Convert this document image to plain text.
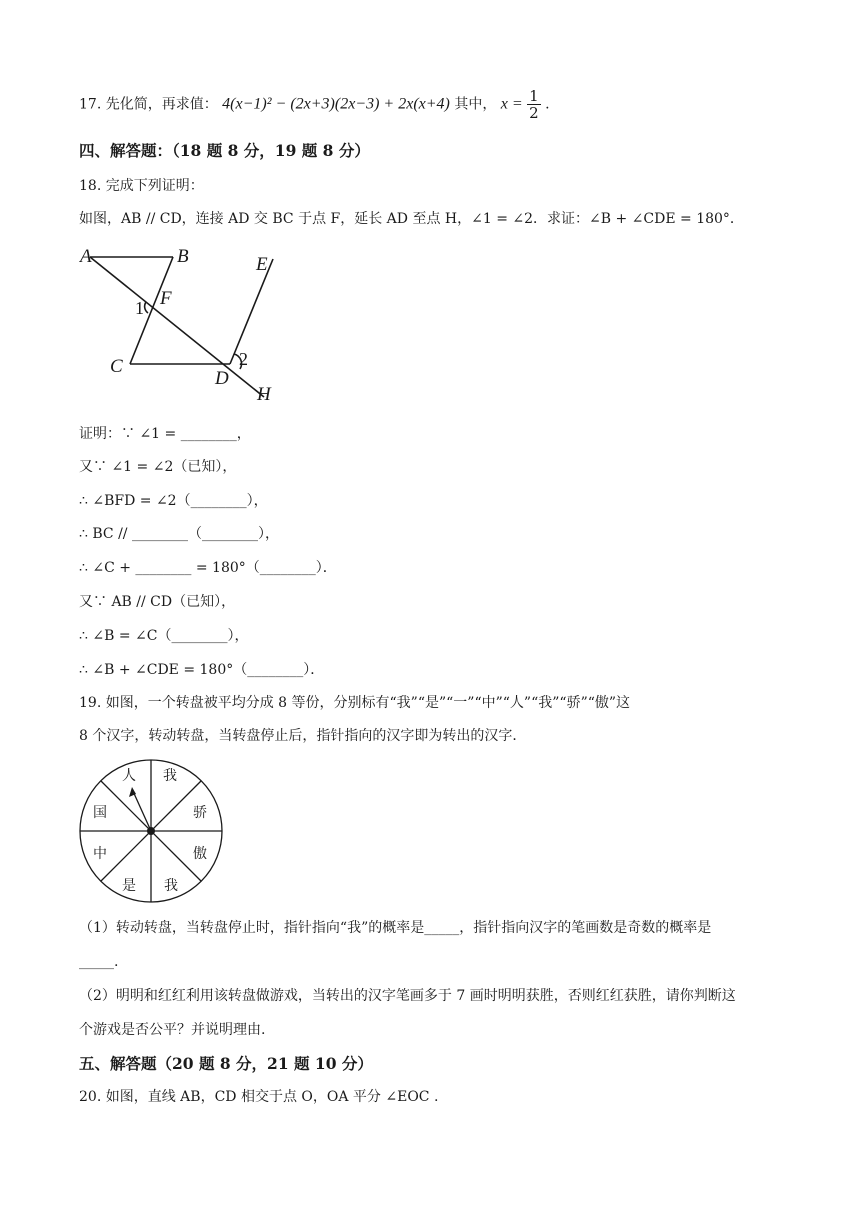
17. 先化简，再求值： 4(x−1)² − (2x+3)(2x−3) + 2x(x+4) 其中， $x = \frac{1}{2}$ .
四、解答题：（18 题 8 分，19 题 8 分）
18. 完成下列证明：
如图，AB // CD，连接 AD 交 BC 于点 F，延长 AD 至点 H，∠1 = ∠2．求证：∠B + ∠CDE = 180°．
A	B	E
F
1
C
D
2
H
证明：∵ ∠1 = ________，
又∵ ∠1 = ∠2（已知），
∴ ∠BFD = ∠2（________），
∴ BC // ________（________），
∴ ∠C + ________ = 180°（________）．
又∵ AB // CD（已知），
∴ ∠B = ∠C（________），
∴ ∠B + ∠CDE = 180°（________）．
19. 如图，一个转盘被平均分成 8 等份，分别标有“我”“是”“一”“中”“人”“我”“骄”“傲”这
8 个汉字，转动转盘，当转盘停止后，指针指向的汉字即为转出的汉字．
人 我
骄
傲
我
是
中
国
（1）转动转盘，当转盘停止时，指针指向“我”的概率是_____，指针指向汉字的笔画数是奇数的概率是
_____.
（2）明明和红红利用该转盘做游戏，当转出的汉字笔画多于 7 画时明明获胜，否则红红获胜，请你判断这
个游戏是否公平？并说明理由.
五、解答题（20 题 8 分，21 题 10 分）
20. 如图，直线 AB，CD 相交于点 O，OA 平分 ∠EOC .
